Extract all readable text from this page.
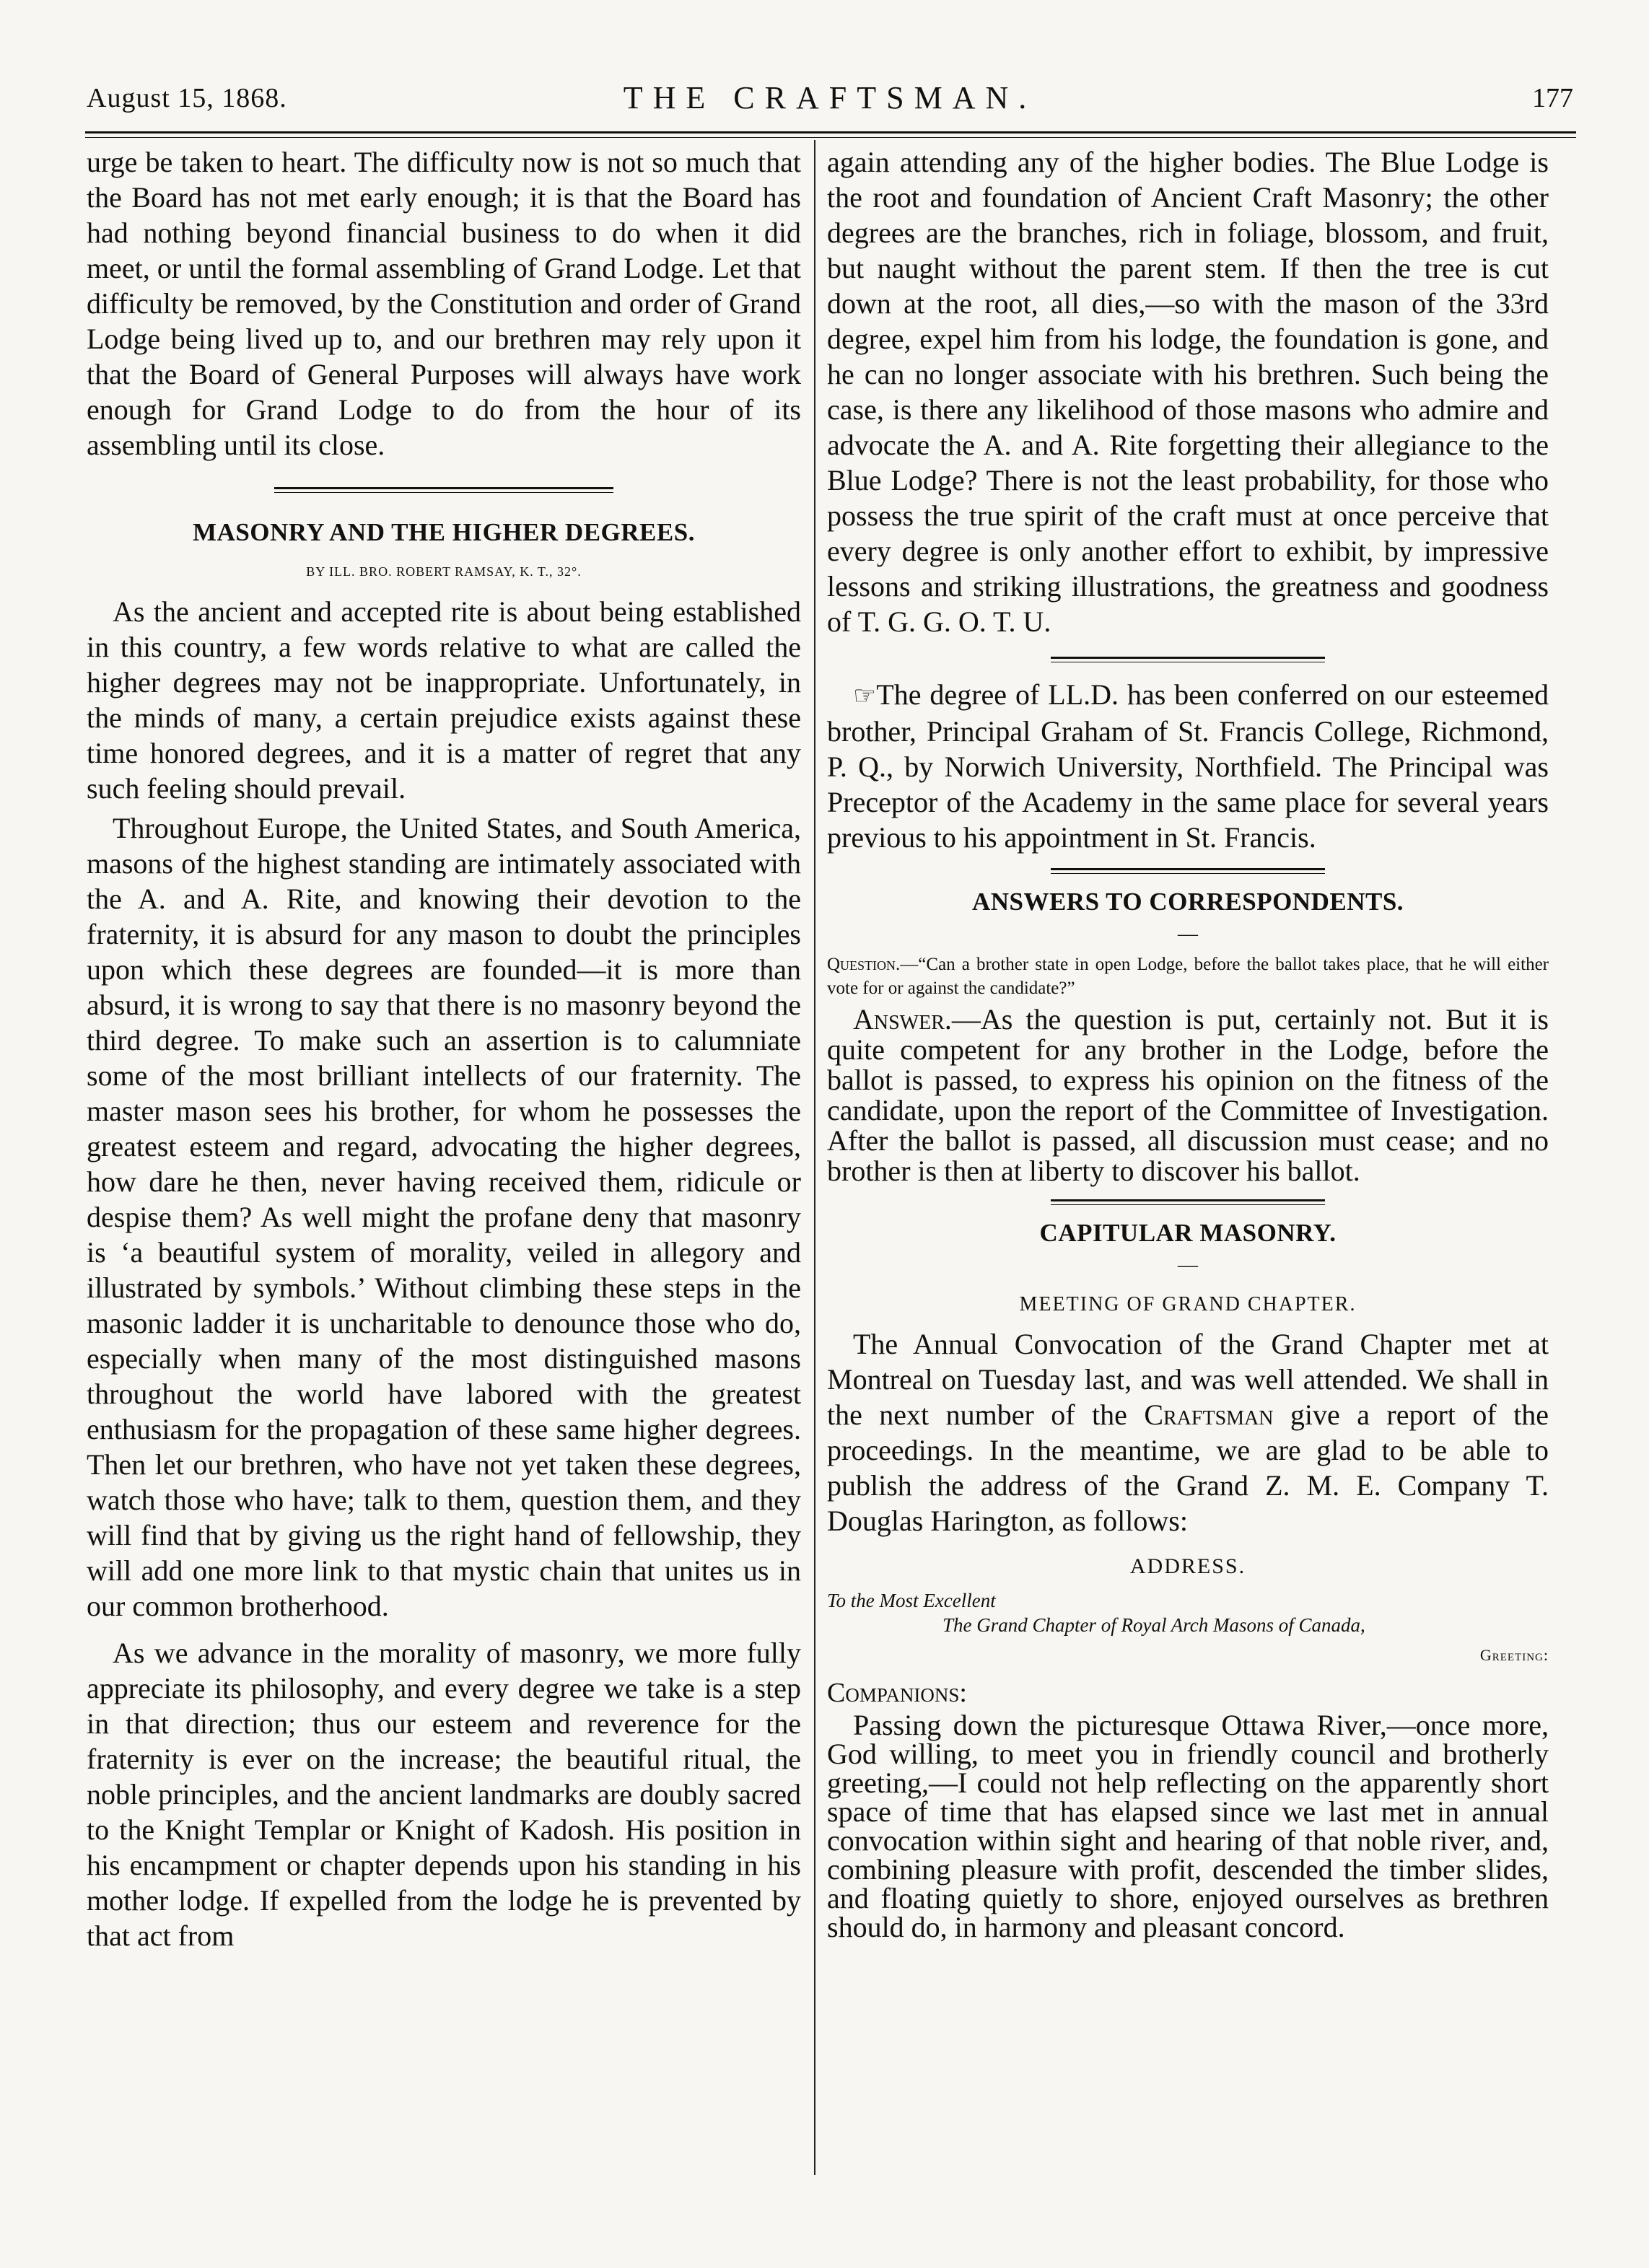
August 15, 1868.	THE CRAFTSMAN.	177

urge be taken to heart. The difficulty now is not so much that the Board has not met early enough; it is that the Board has had nothing beyond financial business to do when it did meet, or until the formal assembling of Grand Lodge. Let that difficulty be removed, by the Constitution and order of Grand Lodge being lived up to, and our brethren may rely upon it that the Board of General Purposes will always have work enough for Grand Lodge to do from the hour of its assembling until its close.

MASONRY AND THE HIGHER DEGREES.
BY ILL. BRO. ROBERT RAMSAY, K. T., 32°.

As the ancient and accepted rite is about being established in this country, a few words relative to what are called the higher degrees may not be inappropriate. Unfortunately, in the minds of many, a certain prejudice exists against these time honored degrees, and it is a matter of regret that any such feeling should prevail.

Throughout Europe, the United States, and South America, masons of the highest standing are intimately associated with the A. and A. Rite, and knowing their devotion to the fraternity, it is absurd for any mason to doubt the principles upon which these degrees are founded—it is more than absurd, it is wrong to say that there is no masonry beyond the third degree. To make such an assertion is to calumniate some of the most brilliant intellects of our fraternity. The master mason sees his brother, for whom he possesses the greatest esteem and regard, advocating the higher degrees, how dare he then, never having received them, ridicule or despise them? As well might the profane deny that masonry is ‘a beautiful system of morality, veiled in allegory and illustrated by symbols.’ Without climbing these steps in the masonic ladder it is uncharitable to denounce those who do, especially when many of the most distinguished masons throughout the world have labored with the greatest enthusiasm for the propagation of these same higher degrees. Then let our brethren, who have not yet taken these degrees, watch those who have; talk to them, question them, and they will find that by giving us the right hand of fellowship, they will add one more link to that mystic chain that unites us in our common brotherhood.

As we advance in the morality of masonry, we more fully appreciate its philosophy, and every degree we take is a step in that direction; thus our esteem and reverence for the fraternity is ever on the increase; the beautiful ritual, the noble principles, and the ancient landmarks are doubly sacred to the Knight Templar or Knight of Kadosh. His position in his encampment or chapter depends upon his standing in his mother lodge. If expelled from the lodge he is prevented by that act from

again attending any of the higher bodies. The Blue Lodge is the root and foundation of Ancient Craft Masonry; the other degrees are the branches, rich in foliage, blossom, and fruit, but naught without the parent stem. If then the tree is cut down at the root, all dies,—so with the mason of the 33rd degree, expel him from his lodge, the foundation is gone, and he can no longer associate with his brethren. Such being the case, is there any likelihood of those masons who admire and advocate the A. and A. Rite forgetting their allegiance to the Blue Lodge? There is not the least probability, for those who possess the true spirit of the craft must at once perceive that every degree is only another effort to exhibit, by impressive lessons and striking illustrations, the greatness and goodness of T. G. G. O. T. U.

☞The degree of LL.D. has been conferred on our esteemed brother, Principal Graham of St. Francis College, Richmond, P. Q., by Norwich University, Northfield. The Principal was Preceptor of the Academy in the same place for several years previous to his appointment in St. Francis.

ANSWERS TO CORRESPONDENTS.
—

Question.—“Can a brother state in open Lodge, before the ballot takes place, that he will either vote for or against the candidate?”

Answer.—As the question is put, certainly not. But it is quite competent for any brother in the Lodge, before the ballot is passed, to express his opinion on the fitness of the candidate, upon the report of the Committee of Investigation. After the ballot is passed, all discussion must cease; and no brother is then at liberty to discover his ballot.

CAPITULAR MASONRY.
—
MEETING OF GRAND CHAPTER.

The Annual Convocation of the Grand Chapter met at Montreal on Tuesday last, and was well attended. We shall in the next number of the Craftsman give a report of the proceedings. In the meantime, we are glad to be able to publish the address of the Grand Z. M. E. Company T. Douglas Harington, as follows:

ADDRESS.
To the Most Excellent
The Grand Chapter of Royal Arch Masons of Canada,
Greeting:
Companions:

Passing down the picturesque Ottawa River,—once more, God willing, to meet you in friendly council and brotherly greeting,—I could not help reflecting on the apparently short space of time that has elapsed since we last met in annual convocation within sight and hearing of that noble river, and, combining pleasure with profit, descended the timber slides, and floating quietly to shore, enjoyed ourselves as brethren should do, in harmony and pleasant concord.
